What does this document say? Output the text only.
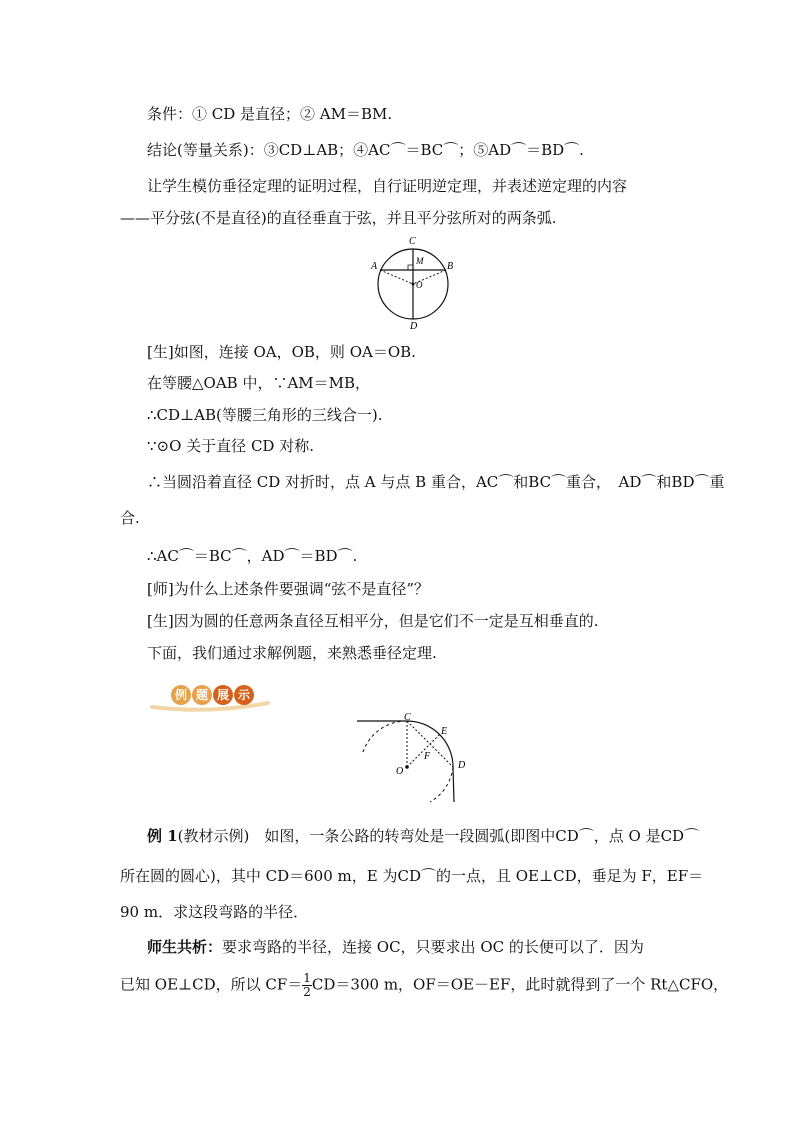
条件：① CD 是直径；② AM＝BM.
结论(等量关系)：③CD⊥AB；④AC⌒＝BC⌒；⑤AD⌒＝BD⌒.
让学生模仿垂径定理的证明过程，自行证明逆定理，并表述逆定理的内容
——平分弦(不是直径)的直径垂直于弦，并且平分弦所对的两条弧.
C
M
A	B
O
D
[生]如图，连接 OA，OB，则 OA＝OB.
在等腰△OAB 中，∵AM＝MB，
∴CD⊥AB(等腰三角形的三线合一).
∵⊙O 关于直径 CD 对称.
∴当圆沿着直径 CD 对折时，点 A 与点 B 重合，AC⌒和BC⌒重合，　AD⌒和BD⌒重
合.
∴AC⌒＝BC⌒，AD⌒＝BD⌒.
[师]为什么上述条件要强调“弦不是直径”？
[生]因为圆的任意两条直径互相平分，但是它们不一定是互相垂直的.
下面，我们通过求解例题，来熟悉垂径定理.
例 题 展 示
C
E
F
O
D
例 1(教材示例)　如图，一条公路的转弯处是一段圆弧(即图中CD⌒，点 O 是CD⌒
所在圆的圆心)，其中 CD＝600 m，E 为CD⌒的一点，且 OE⊥CD，垂足为 F，EF＝
90 m．求这段弯路的半径．
师生共析：要求弯路的半径，连接 OC，只要求出 OC 的长便可以了．因为
已知 OE⊥CD，所以 $CF= \frac{1}{2} CD=300$ m，OF＝OE－EF，此时就得到了一个 Rt△CFO，
